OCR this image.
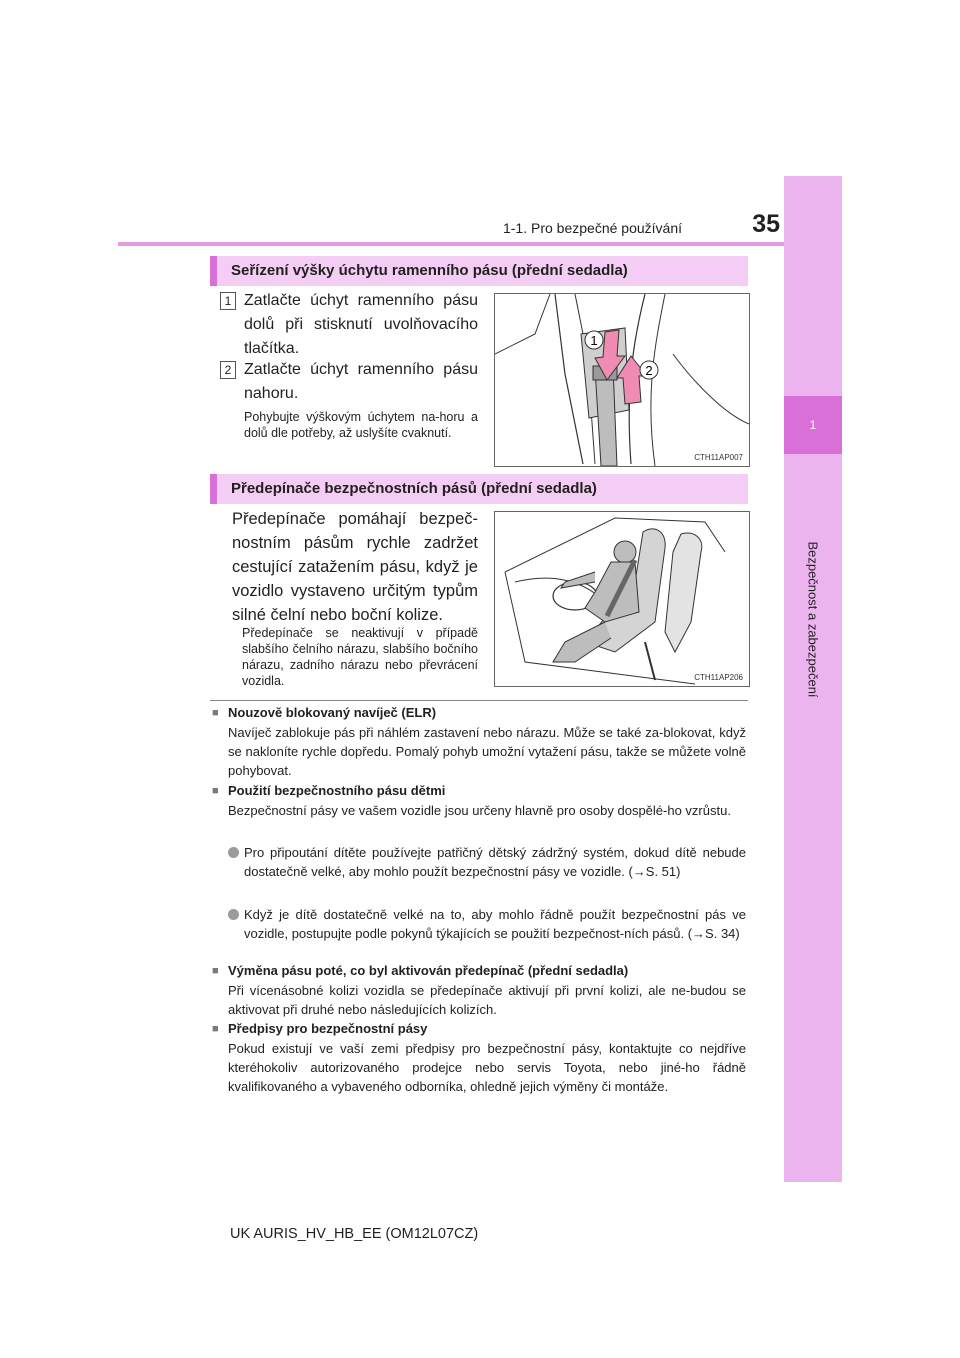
1-1. Pro bezpečné používání	35
1
Bezpečnost a zabezpečení
Seřízení výšky úchytu ramenního pásu (přední sedadla)
1 Zatlačte úchyt ramenního pásu dolů při stisknutí uvolňovacího tlačítka.
2 Zatlačte úchyt ramenního pásu nahoru.
Pohybujte výškovým úchytem na-horu a dolů dle potřeby, až uslyšíte cvaknutí.
1
2
CTH11AP007
Předepínače bezpečnostních pásů (přední sedadla)
Předepínače pomáhají bezpeč-nostním pásům rychle zadržet cestující zatažením pásu, když je vozidlo vystaveno určitým typům silné čelní nebo boční kolize.
Předepínače se neaktivují v případě slabšího čelního nárazu, slabšího bočního nárazu, zadního nárazu nebo převrácení vozidla.	CTH11AP206
■ Nouzově blokovaný navíječ (ELR)
Navíječ zablokuje pás při náhlém zastavení nebo nárazu. Může se také za-blokovat, když se nakloníte rychle dopředu. Pomalý pohyb umožní vytažení pásu, takže se můžete volně pohybovat.
■ Použití bezpečnostního pásu dětmi
Bezpečnostní pásy ve vašem vozidle jsou určeny hlavně pro osoby dospělé-ho vzrůstu.
Pro připoutání dítěte používejte patřičný dětský zádržný systém, dokud dítě nebude dostatečně velké, aby mohlo použít bezpečnostní pásy ve vozidle. (→S. 51)
Když je dítě dostatečně velké na to, aby mohlo řádně použít bezpečnostní pás ve vozidle, postupujte podle pokynů týkajících se použití bezpečnost-ních pásů. (→S. 34)
■ Výměna pásu poté, co byl aktivován předepínač (přední sedadla)
Při vícenásobné kolizi vozidla se předepínače aktivují při první kolizi, ale ne-budou se aktivovat při druhé nebo následujících kolizích.
■ Předpisy pro bezpečnostní pásy
Pokud existují ve vaší zemi předpisy pro bezpečnostní pásy, kontaktujte co nejdříve kteréhokoliv autorizovaného prodejce nebo servis Toyota, nebo jiné-ho řádně kvalifikovaného a vybaveného odborníka, ohledně jejich výměny či montáže.
UK AURIS_HV_HB_EE (OM12L07CZ)
